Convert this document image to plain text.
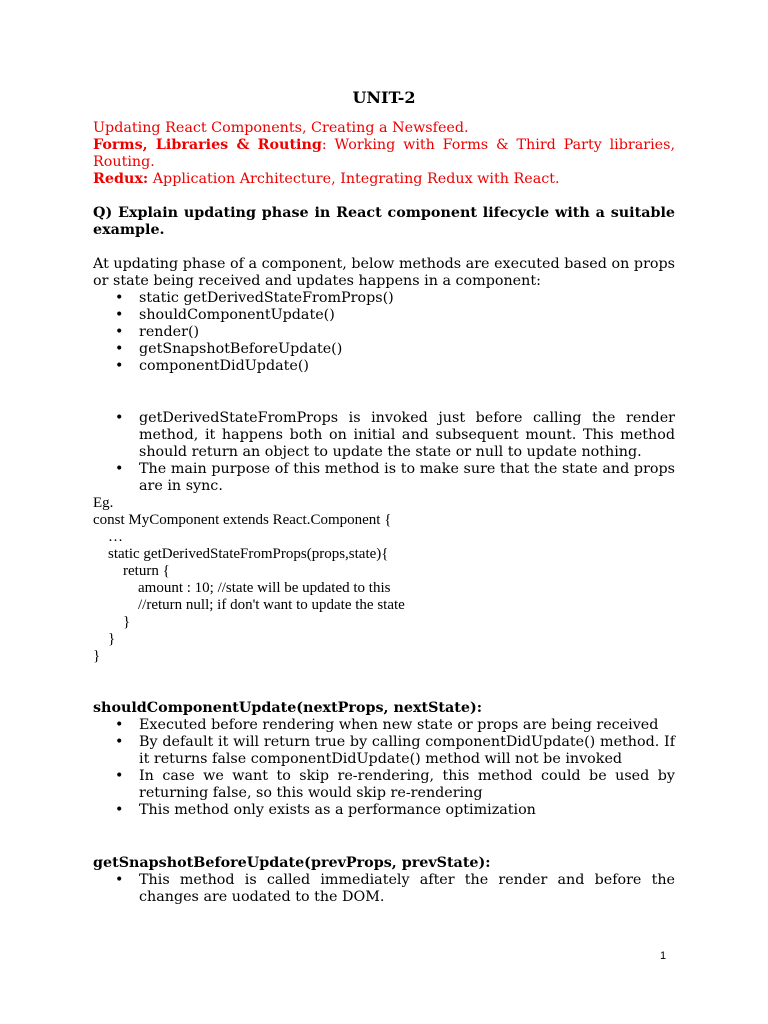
UNIT-2
Updating React Components, Creating a Newsfeed.
Forms, Libraries & Routing: Working with Forms & Third Party libraries, Routing.
Redux: Application Architecture, Integrating Redux with React.
Q) Explain updating phase in React component lifecycle with a suitable example.
At updating phase of a component, below methods are executed based on props or state being received and updates happens in a component:
• static getDerivedStateFromProps()
• shouldComponentUpdate()
• render()
• getSnapshotBeforeUpdate()
• componentDidUpdate()
• getDerivedStateFromProps is invoked just before calling the render method, it happens both on initial and subsequent mount. This method should return an object to update the state or null to update nothing.
• The main purpose of this method is to make sure that the state and props are in sync.
Eg.
const MyComponent extends React.Component {
…
static getDerivedStateFromProps(props,state){
return {
amount : 10; //state will be updated to this
//return null; if don't want to update the state
}
}
}
shouldComponentUpdate(nextProps, nextState):
• Executed before rendering when new state or props are being received
• By default it will return true by calling componentDidUpdate() method. If it returns false componentDidUpdate() method will not be invoked
• In case we want to skip re-rendering, this method could be used by returning false, so this would skip re-rendering
• This method only exists as a performance optimization
getSnapshotBeforeUpdate(prevProps, prevState):
• This method is called immediately after the render and before the changes are uodated to the DOM.
1
